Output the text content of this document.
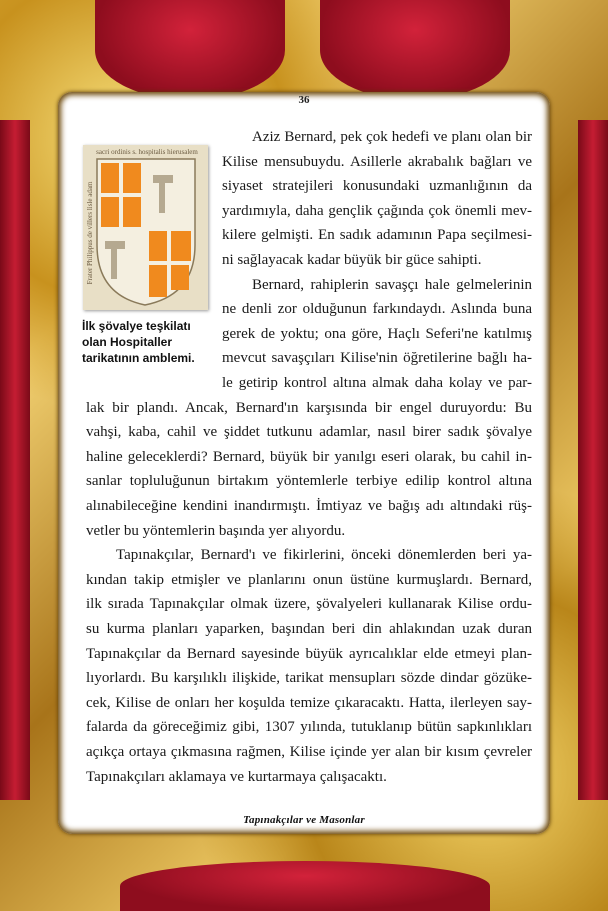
36
sacri ordinis s. hospitalis hierusalem
Frater Philippus de villers lisle adam
İlk şövalye teşkilatı olan Hospitaller tarikatının amblemi.
Aziz Bernard, pek çok hedefi ve planı olan bir
Kilise mensubuydu. Asillerle akrabalık bağları ve
siyaset stratejileri konusundaki uzmanlığının da
yardımıyla, daha gençlik çağında çok önemli mev-
kilere gelmişti. En sadık adamının Papa seçilmesi-
ni sağlayacak kadar büyük bir güce sahipti.
Bernard, rahiplerin savaşçı hale gelmelerinin
ne denli zor olduğunun farkındaydı. Aslında buna
gerek de yoktu; ona göre, Haçlı Seferi'ne katılmış
mevcut savaşçıları Kilise'nin öğretilerine bağlı ha-
le getirip kontrol altına almak daha kolay ve par-
lak bir plandı. Ancak, Bernard'ın karşısında bir engel duruyordu: Bu
vahşi, kaba, cahil ve şiddet tutkunu adamlar, nasıl birer sadık şövalye
haline geleceklerdi? Bernard, büyük bir yanılgı eseri olarak, bu cahil in-
sanlar topluluğunun birtakım yöntemlerle terbiye edilip kontrol altına
alınabileceğine kendini inandırmıştı. İmtiyaz ve bağış adı altındaki rüş-
vetler bu yöntemlerin başında yer alıyordu.
Tapınakçılar, Bernard'ı ve fikirlerini, önceki dönemlerden beri ya-
kından takip etmişler ve planlarını onun üstüne kurmuşlardı. Bernard,
ilk sırada Tapınakçılar olmak üzere, şövalyeleri kullanarak Kilise ordu-
su kurma planları yaparken, başından beri din ahlakından uzak duran
Tapınakçılar da Bernard sayesinde büyük ayrıcalıklar elde etmeyi plan-
lıyorlardı. Bu karşılıklı ilişkide, tarikat mensupları sözde dindar gözüke-
cek, Kilise de onları her koşulda temize çıkaracaktı. Hatta, ilerleyen say-
falarda da göreceğimiz gibi, 1307 yılında, tutuklanıp bütün sapkınlıkları
açıkça ortaya çıkmasına rağmen, Kilise içinde yer alan bir kısım çevreler
Tapınakçıları aklamaya ve kurtarmaya çalışacaktı.
Tapınakçılar ve Masonlar
